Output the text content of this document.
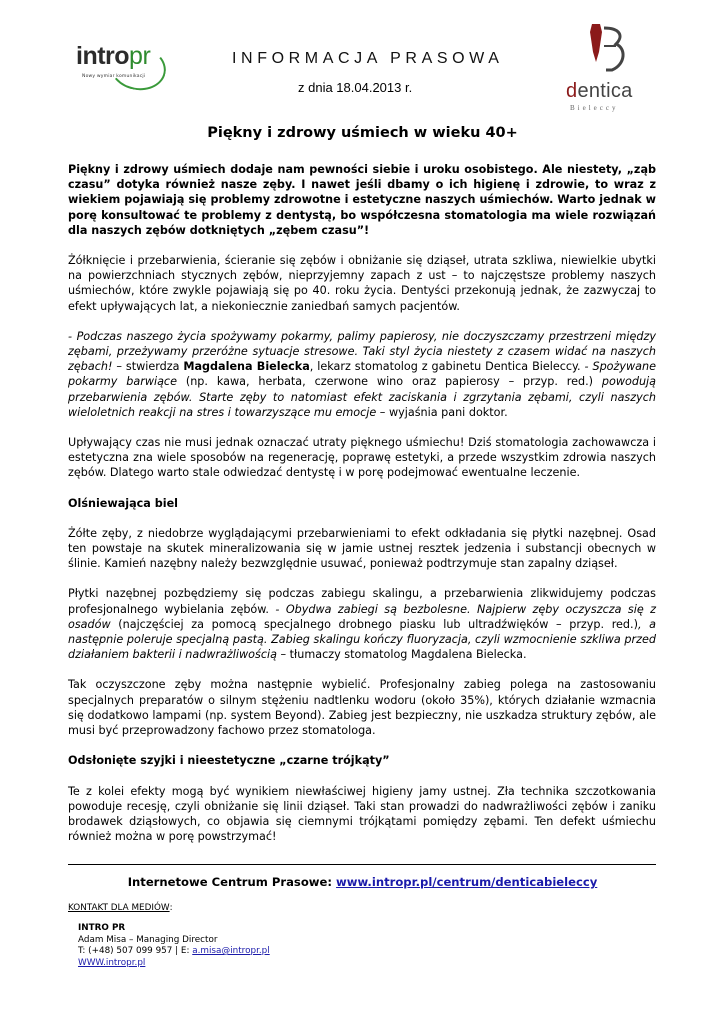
intropr
Nowy wymiar komunikacji
INFORMACJA PRASOWA
z dnia 18.04.2013 r.	dentica
Bieleccy
Piękny i zdrowy uśmiech w wieku 40+

Piękny i zdrowy uśmiech dodaje nam pewności siebie i uroku osobistego. Ale niestety, „ząb czasu” dotyka również nasze zęby. I nawet jeśli dbamy o ich higienę i zdrowie, to wraz z wiekiem pojawiają się problemy zdrowotne i estetyczne naszych uśmiechów. Warto jednak w porę konsultować te problemy z dentystą, bo współczesna stomatologia ma wiele rozwiązań dla naszych zębów dotkniętych „zębem czasu”!

Żółknięcie i przebarwienia, ścieranie się zębów i obniżanie się dziąseł, utrata szkliwa, niewielkie ubytki na powierzchniach stycznych zębów, nieprzyjemny zapach z ust – to najczęstsze problemy naszych uśmiechów, które zwykle pojawiają się po 40. roku życia. Dentyści przekonują jednak, że zazwyczaj to efekt upływających lat, a niekoniecznie zaniedbań samych pacjentów.

- Podczas naszego życia spożywamy pokarmy, palimy papierosy, nie doczyszczamy przestrzeni między zębami, przeżywamy przeróżne sytuacje stresowe. Taki styl życia niestety z czasem widać na naszych zębach! – stwierdza Magdalena Bielecka, lekarz stomatolog z gabinetu Dentica Bieleccy. - Spożywane pokarmy barwiące (np. kawa, herbata, czerwone wino oraz papierosy – przyp. red.) powodują przebarwienia zębów. Starte zęby to natomiast efekt zaciskania i zgrzytania zębami, czyli naszych wieloletnich reakcji na stres i towarzyszące mu emocje – wyjaśnia pani doktor.

Upływający czas nie musi jednak oznaczać utraty pięknego uśmiechu! Dziś stomatologia zachowawcza i estetyczna zna wiele sposobów na regenerację, poprawę estetyki, a przede wszystkim zdrowia naszych zębów. Dlatego warto stale odwiedzać dentystę i w porę podejmować ewentualne leczenie.

Olśniewająca biel

Żółte zęby, z niedobrze wyglądającymi przebarwieniami to efekt odkładania się płytki nazębnej. Osad ten powstaje na skutek mineralizowania się w jamie ustnej resztek jedzenia i substancji obecnych w ślinie. Kamień nazębny należy bezwzględnie usuwać, ponieważ podtrzymuje stan zapalny dziąseł.

Płytki nazębnej pozbędziemy się podczas zabiegu skalingu, a przebarwienia zlikwidujemy podczas profesjonalnego wybielania zębów. - Obydwa zabiegi są bezbolesne. Najpierw zęby oczyszcza się z osadów (najczęściej za pomocą specjalnego drobnego piasku lub ultradźwięków – przyp. red.), a następnie poleruje specjalną pastą. Zabieg skalingu kończy fluoryzacja, czyli wzmocnienie szkliwa przed działaniem bakterii i nadwrażliwością – tłumaczy stomatolog Magdalena Bielecka.

Tak oczyszczone zęby można następnie wybielić. Profesjonalny zabieg polega na zastosowaniu specjalnych preparatów o silnym stężeniu nadtlenku wodoru (około 35%), których działanie wzmacnia się dodatkowo lampami (np. system Beyond). Zabieg jest bezpieczny, nie uszkadza struktury zębów, ale musi być przeprowadzony fachowo przez stomatologa.

Odsłonięte szyjki i nieestetyczne „czarne trójkąty”

Te z kolei efekty mogą być wynikiem niewłaściwej higieny jamy ustnej. Zła technika szczotkowania powoduje recesję, czyli obniżanie się linii dziąseł. Taki stan prowadzi do nadwrażliwości zębów i zaniku brodawek dziąsłowych, co objawia się ciemnymi trójkątami pomiędzy zębami. Ten defekt uśmiechu również można w porę powstrzymać!

Internetowe Centrum Prasowe: www.intropr.pl/centrum/denticabieleccy
KONTAKT DLA MEDIÓW:
INTRO PR
Adam Misa – Managing Director
T: (+48) 507 099 957 | E: a.misa@intropr.pl
WWW.intropr.pl
